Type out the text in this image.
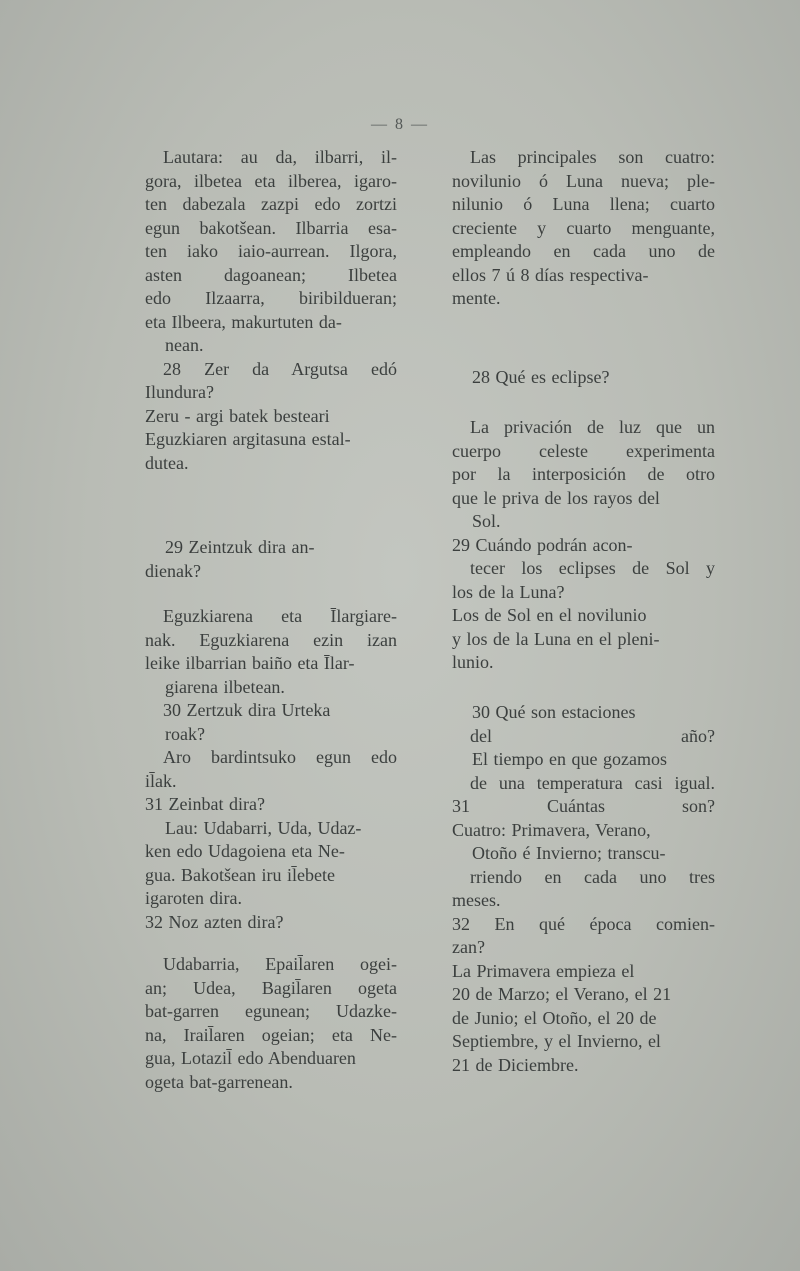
— 8 —
Lautara: au da, ilbarri, il-
gora, ilbetea eta ilberea, igaro-
ten dabezala zazpi edo zortzi
egun bakotšean. Ilbarria esa-
ten iako iaio-aurrean. Ilgora,
asten dagoanean; Ilbetea
edo Ilzaarra, biribildueran;
eta Ilbeera, makurtuten da-
nean.
28 Zer da Argutsa edó
Ilundura?
Zeru - argi batek besteari
Eguzkiaren argitasuna estal-
dutea.
29 Zeintzuk dira an-
dienak?
Eguzkiarena eta Īlargiare-
nak. Eguzkiarena ezin izan
leike ilbarrian baiño eta Īlar-
giarena ilbetean.
30 Zertzuk dira Urteka
roak?
Aro bardintsuko egun edo
il̄ak.
31 Zeinbat dira?
Lau: Udabarri, Uda, Udaz-
ken edo Udagoiena eta Ne-
gua. Bakotšean iru il̄ebete
igaroten dira.
32 Noz azten dira?
Udabarria, Epail̄aren ogei-
an; Udea, Bagil̄aren ogeta
bat-garren egunean; Udazke-
na, Irail̄aren ogeian; eta Ne-
gua, Lotazil̄ edo Abenduaren
ogeta bat-garrenean.
Las principales son cuatro:
novilunio ó Luna nueva; ple-
nilunio ó Luna llena; cuarto
creciente y cuarto menguante,
empleando en cada uno de
ellos 7 ú 8 días respectiva-
mente.
28 Qué es eclipse?
La privación de luz que un
cuerpo celeste experimenta
por la interposición de otro
que le priva de los rayos del
Sol.
29 Cuándo podrán acon-
tecer los eclipses de Sol y
los de la Luna?
Los de Sol en el novilunio
y los de la Luna en el pleni-
lunio.
30 Qué son estaciones
del año?
El tiempo en que gozamos
de una temperatura casi igual.
31 Cuántas son?
Cuatro: Primavera, Verano,
Otoño é Invierno; transcu-
rriendo en cada uno tres
meses.
32 En qué época comien-
zan?
La Primavera empieza el
20 de Marzo; el Verano, el 21
de Junio; el Otoño, el 20 de
Septiembre, y el Invierno, el
21 de Diciembre.
